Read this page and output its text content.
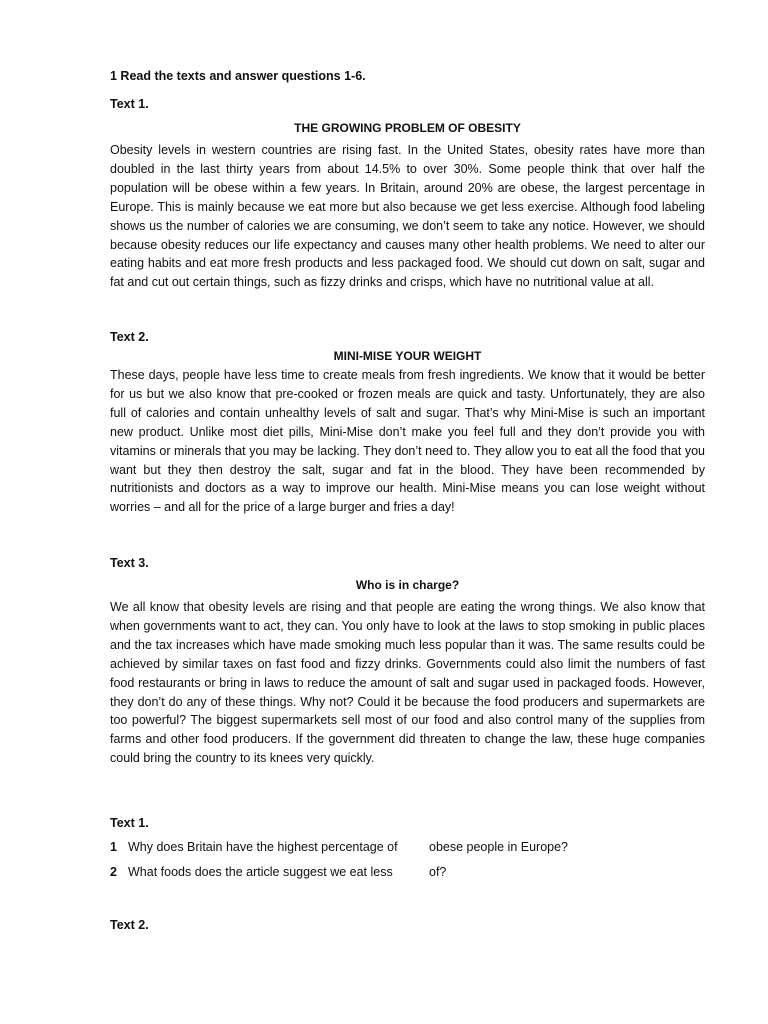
1 Read the texts and answer questions 1-6.
Text 1.
THE GROWING PROBLEM OF OBESITY

Obesity levels in western countries are rising fast. In the United States, obesity rates have more than doubled in the last thirty years from about 14.5% to over 30%. Some people think that over half the population will be obese within a few years. In Britain, around 20% are obese, the largest percentage in Europe. This is mainly because we eat more but also because we get less exercise. Although food labeling shows us the number of calories we are consuming, we don’t seem to take any notice. However, we should because obesity reduces our life expectancy and causes many other health problems. We need to alter our eating habits and eat more fresh products and less packaged food. We should cut down on salt, sugar and fat and cut out certain things, such as fizzy drinks and crisps, which have no nutritional value at all.

Text 2.
MINI-MISE YOUR WEIGHT

These days, people have less time to create meals from fresh ingredients. We know that it would be better for us but we also know that pre-cooked or frozen meals are quick and tasty. Unfortunately, they are also full of calories and contain unhealthy levels of salt and sugar. That’s why Mini-Mise is such an important new product. Unlike most diet pills, Mini-Mise don’t make you feel full and they don’t provide you with vitamins or minerals that you may be lacking. They don’t need to. They allow you to eat all the food that you want but they then destroy the salt, sugar and fat in the blood. They have been recommended by nutritionists and doctors as a way to improve our health. Mini-Mise means you can lose weight without worries – and all for the price of a large burger and fries a day!

Text 3.
Who is in charge?

We all know that obesity levels are rising and that people are eating the wrong things. We also know that when governments want to act, they can. You only have to look at the laws to stop smoking in public places and the tax increases which have made smoking much less popular than it was. The same results could be achieved by similar taxes on fast food and fizzy drinks. Governments could also limit the numbers of fast food restaurants or bring in laws to reduce the amount of salt and sugar used in packaged foods. However, they don’t do any of these things. Why not? Could it be because the food producers and supermarkets are too powerful? The biggest supermarkets sell most of our food and also control many of the supplies from farms and other food producers. If the government did threaten to change the law, these huge companies could bring the country to its knees very quickly.

Text 1.
1 Why does Britain have the highest percentage of	obese people in Europe?
2 What foods does the article suggest we eat less	of?
Text 2.
